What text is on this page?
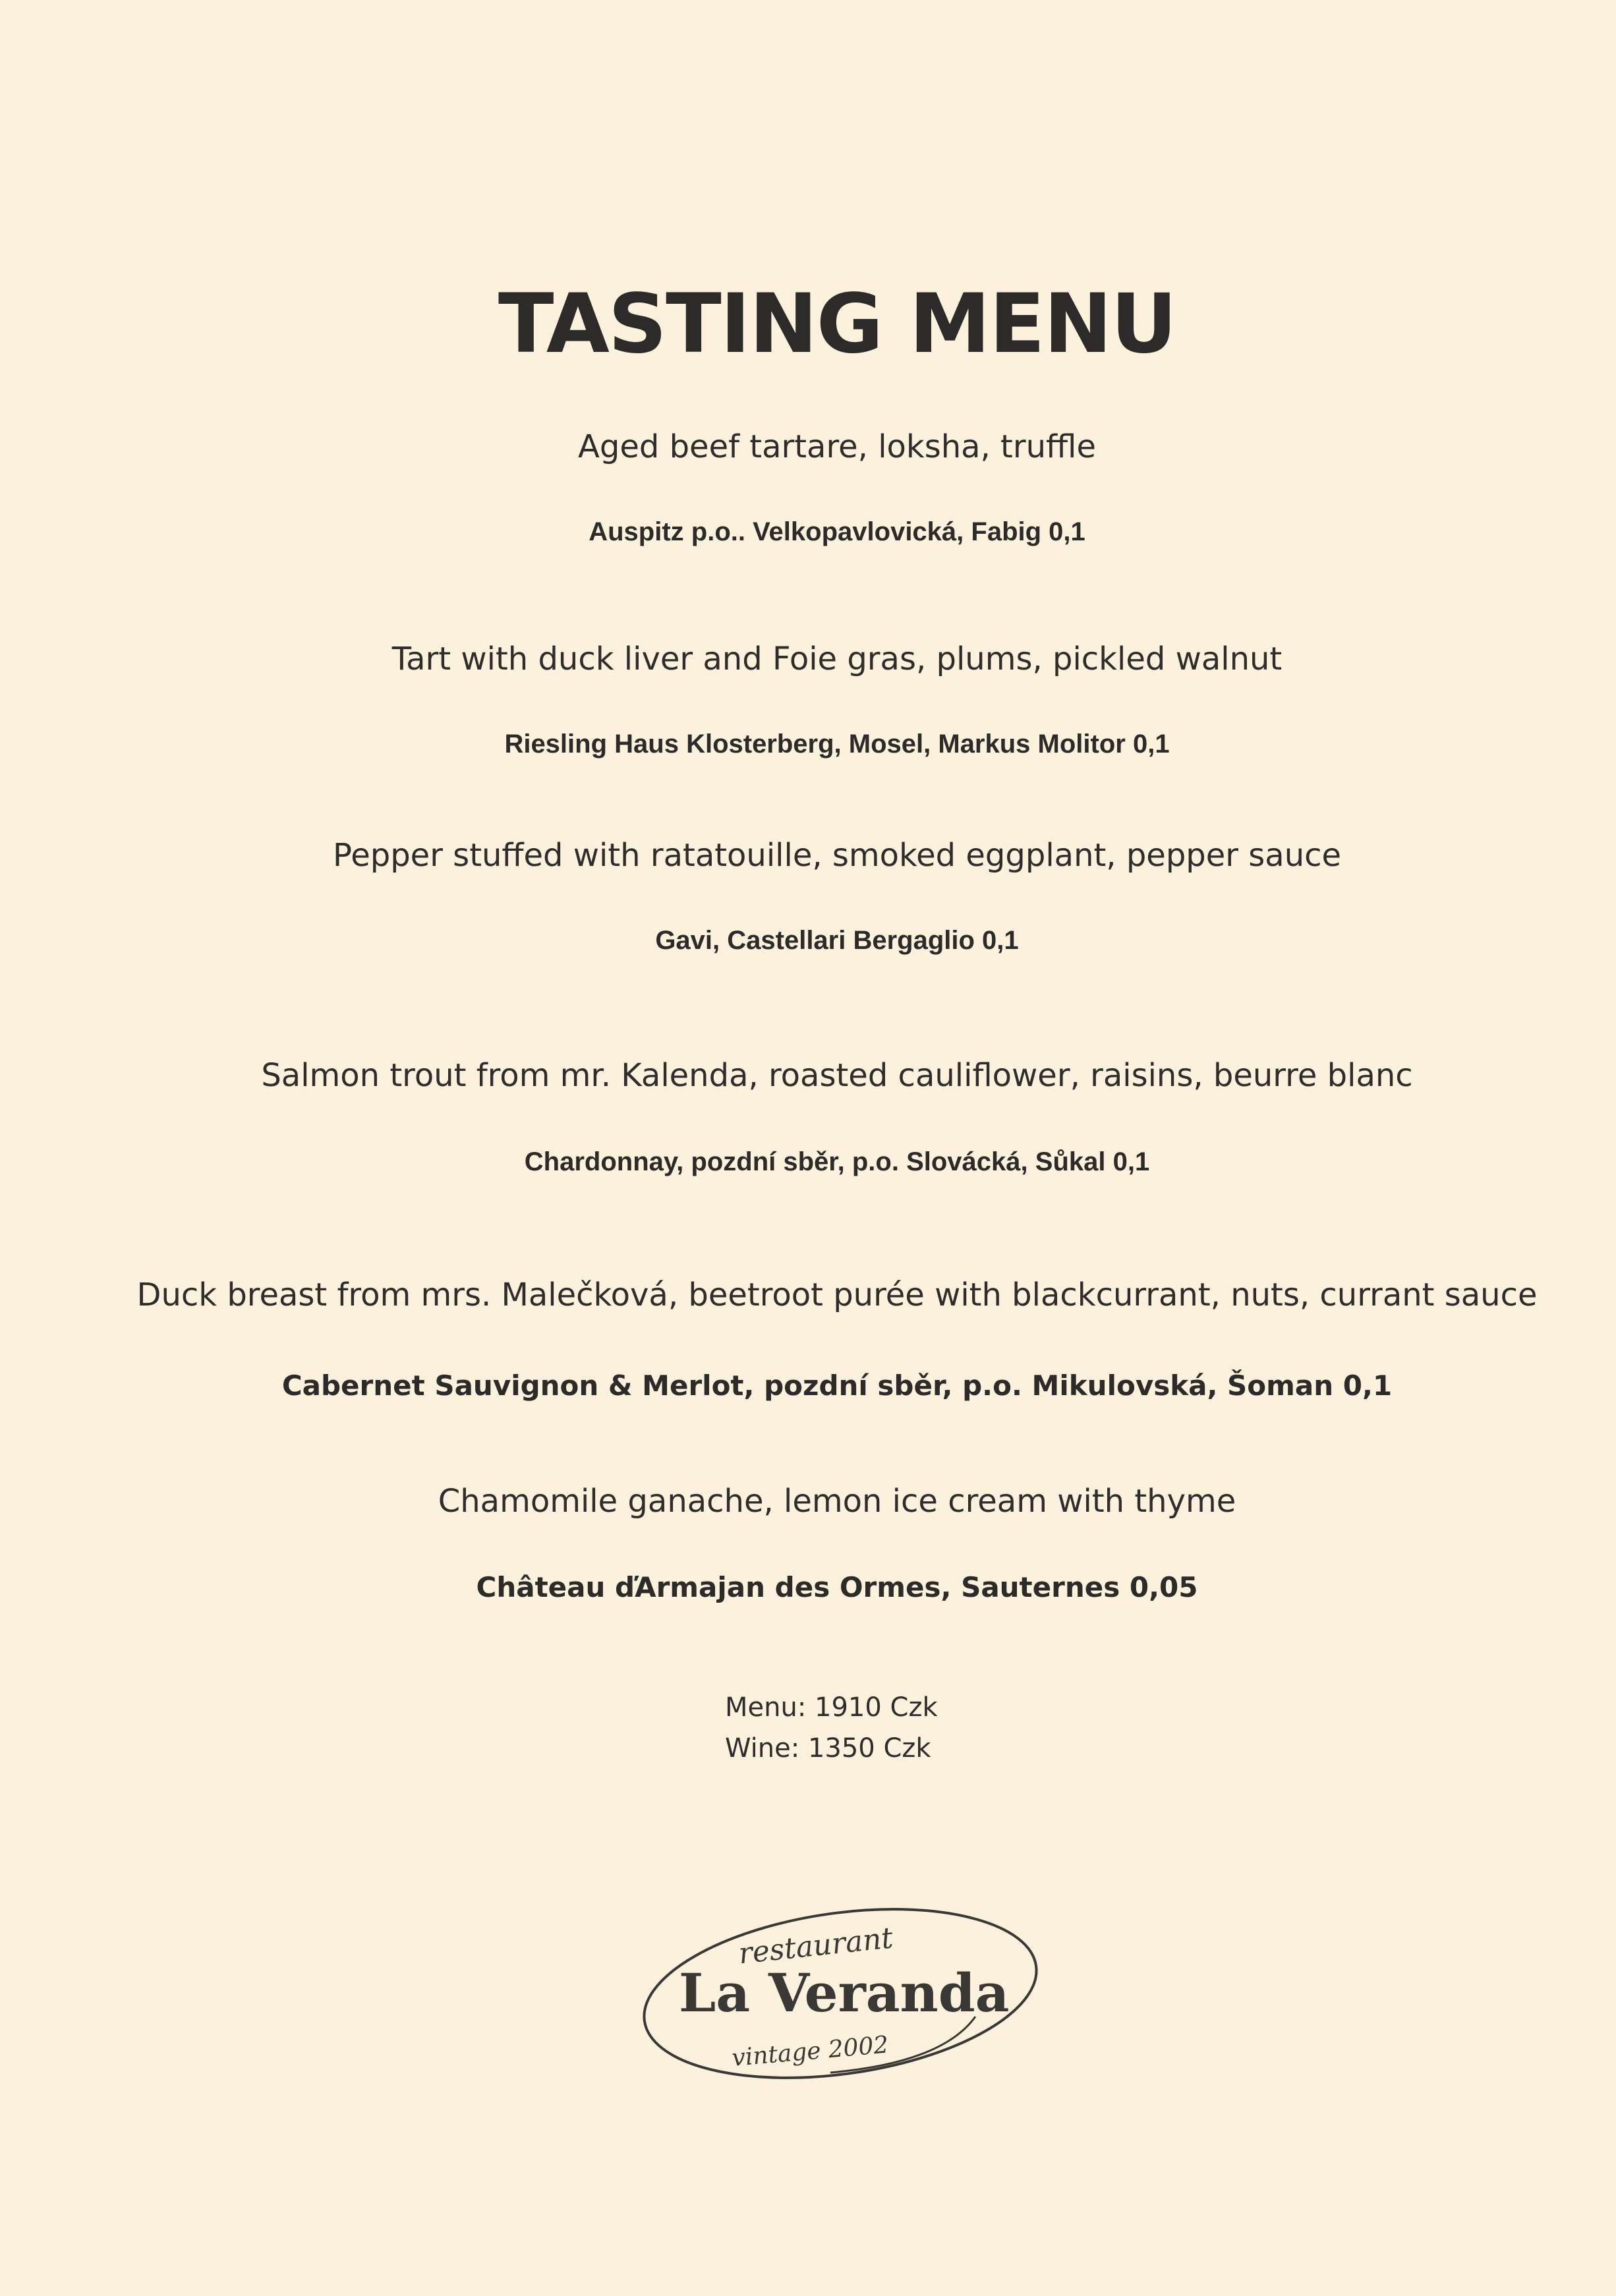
TASTING MENU

Aged beef tartare, loksha, truffle

Auspitz p.o.. Velkopavlovická, Fabig 0,1

Tart with duck liver and Foie gras, plums, pickled walnut

Riesling Haus Klosterberg, Mosel, Markus Molitor 0,1

Pepper stuffed with ratatouille, smoked eggplant, pepper sauce

Gavi, Castellari Bergaglio 0,1

Salmon trout from mr. Kalenda, roasted cauliflower, raisins, beurre blanc

Chardonnay, pozdní sběr, p.o. Slovácká, Sůkal 0,1

Duck breast from mrs. Malečková, beetroot purée with blackcurrant, nuts, currant sauce

Cabernet Sauvignon & Merlot, pozdní sběr, p.o. Mikulovská, Šoman 0,1

Chamomile ganache, lemon ice cream with thyme

Château ďArmajan des Ormes, Sauternes 0,05

Menu: 1910 Czk

Wine: 1350 Czk

restaurant
La Veranda
vintage 2002
